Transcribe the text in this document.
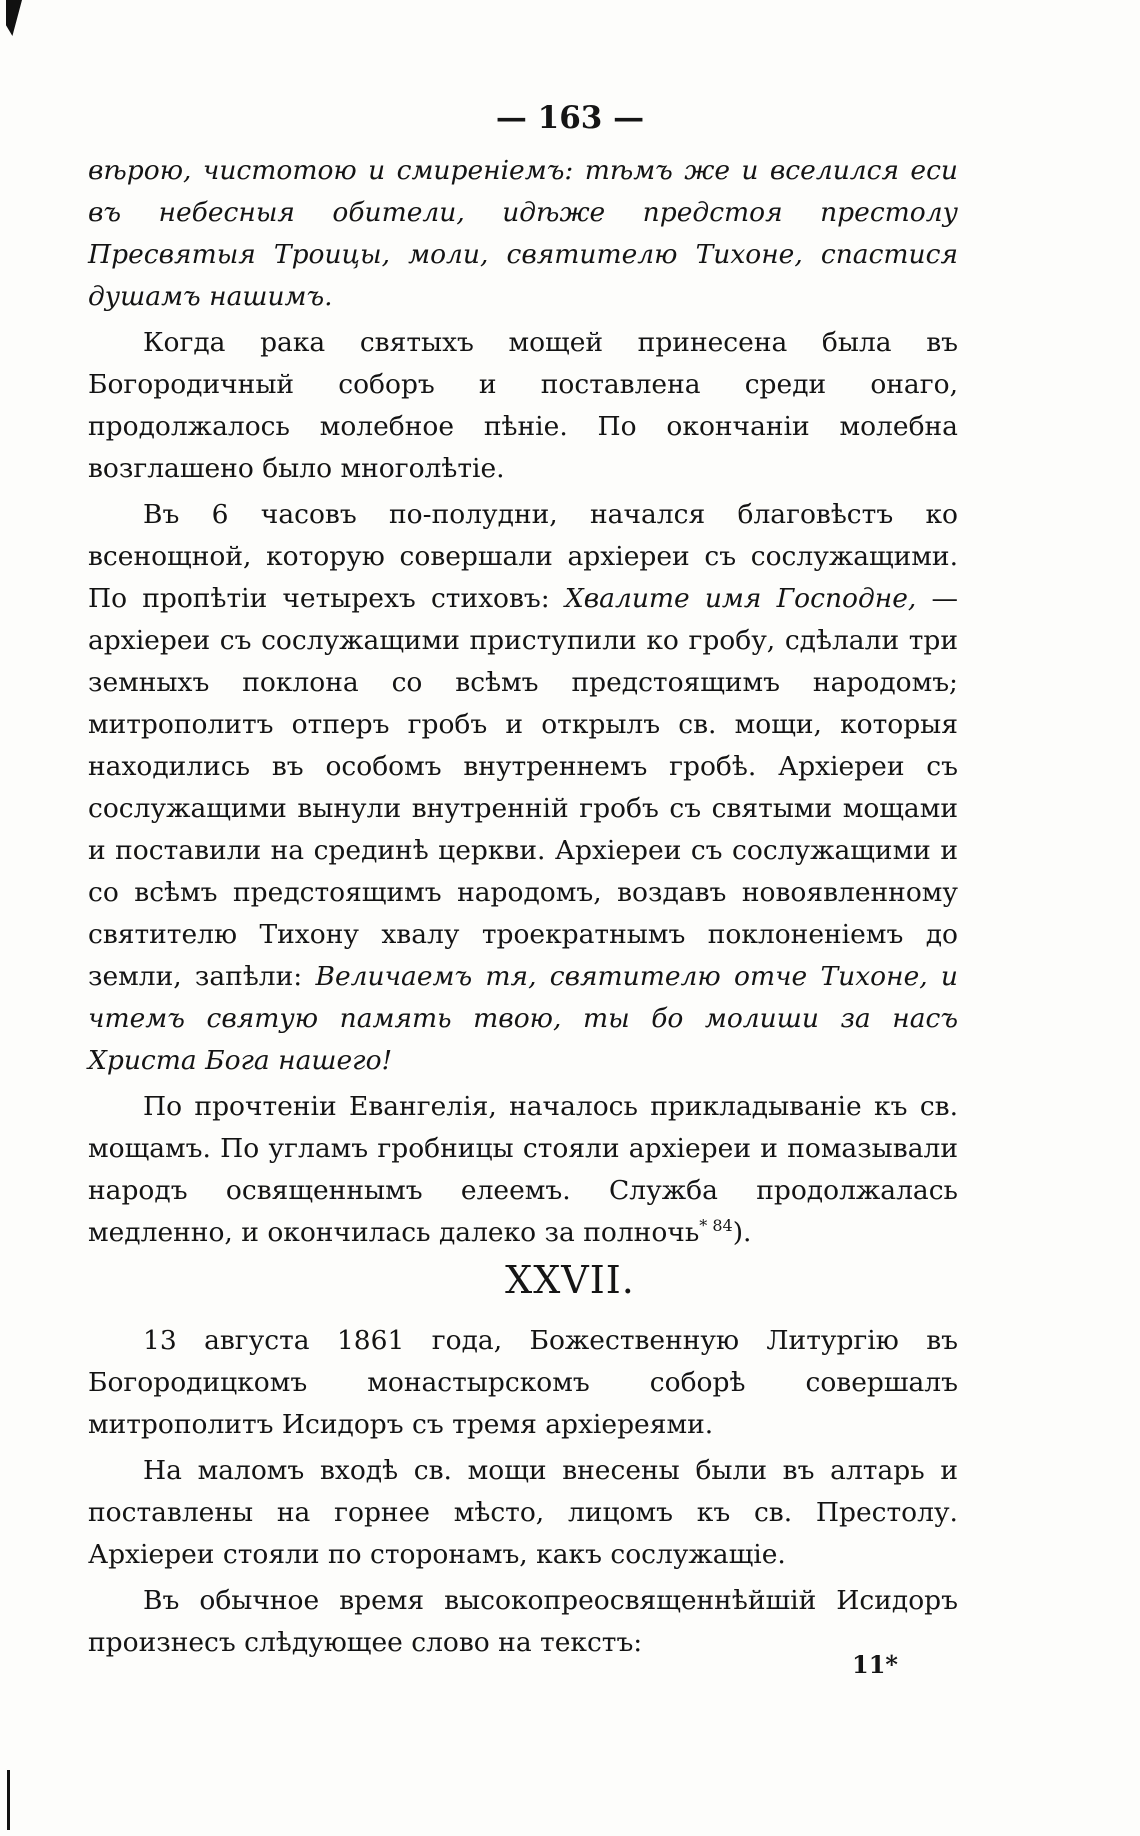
— 163 —

вѣрою, чистотою и смиреніемъ: тѣмъ же и вселился еси въ небесныя обители, идѣже предстоя престолу Пресвятыя Троицы, моли, святителю Тихоне, спастися душамъ нашимъ.

Когда рака святыхъ мощей принесена была въ Богородичный соборъ и поставлена среди онаго, продолжалось молебное пѣніе. По окончаніи молебна возглашено было многолѣтіе.

Въ 6 часовъ по-полудни, начался благовѣстъ ко всенощной, которую совершали архіереи съ сослужащими. По пропѣтіи четырехъ стиховъ: Хвалите имя Господне, — архіереи съ сослужащими приступили ко гробу, сдѣлали три земныхъ поклона со всѣмъ предстоящимъ народомъ; митрополитъ отперъ гробъ и открылъ св. мощи, которыя находились въ особомъ внутреннемъ гробѣ. Архіереи съ сослужащими вынули внутренній гробъ съ святыми мощами и поставили на срединѣ церкви. Архіереи съ сослужащими и со всѣмъ предстоящимъ народомъ, воздавъ новоявленному святителю Тихону хвалу троекратнымъ поклоненіемъ до земли, запѣли: Величаемъ тя, святителю отче Тихоне, и чтемъ святую память твою, ты бо молиши за насъ Христа Бога нашего!

По прочтеніи Евангелія, началось прикладываніе къ св. мощамъ. По угламъ гробницы стояли архіереи и помазывали народъ освященнымъ елеемъ. Служба продолжалась медленно, и окончилась далеко за полночь$^{* 84}$).

XXVII.

13 августа 1861 года, Божественную Литургію въ Богородицкомъ монастырскомъ соборѣ совершалъ митрополитъ Исидоръ съ тремя архіереями.

На маломъ входѣ св. мощи внесены были въ алтарь и поставлены на горнее мѣсто, лицомъ къ св. Престолу. Архіереи стояли по сторонамъ, какъ сослужащіе.

Въ обычное время высокопреосвященнѣйшій Исидоръ произнесъ слѣдующее слово на текстъ:

11*
